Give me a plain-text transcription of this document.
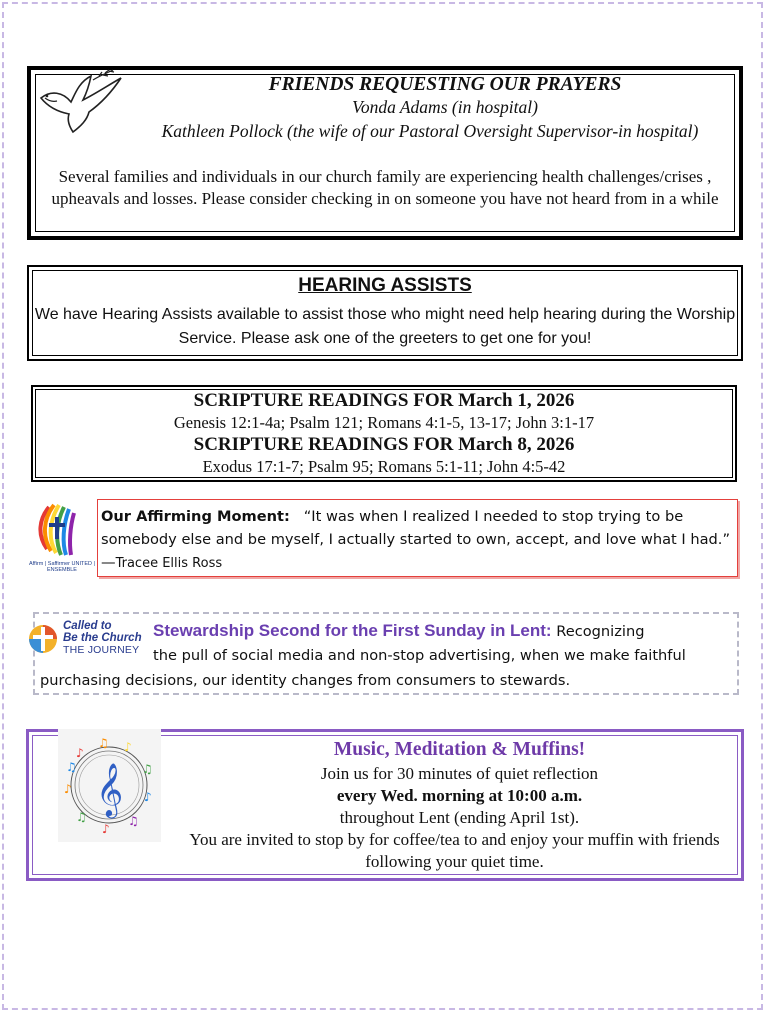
FRIENDS REQUESTING OUR PRAYERS
Vonda Adams (in hospital)
Kathleen Pollock (the wife of our Pastoral Oversight Supervisor-in hospital)
Several families and individuals in our church family are experiencing health challenges/crises , upheavals and losses. Please consider checking in on someone you have not heard from in a while
HEARING ASSISTS
We have Hearing Assists available to assist those who might need help hearing during the Worship Service. Please ask one of the greeters to get one for you!
SCRIPTURE READINGS FOR March 1, 2026
Genesis 12:1-4a; Psalm 121; Romans 4:1-5, 13-17; John 3:1-17
SCRIPTURE READINGS FOR March 8, 2026
Exodus 17:1-7; Psalm 95; Romans 5:1-11; John 4:5-42
Affirm | Saffirmer UNITED | ENSEMBLE
Our Affirming Moment: “It was when I realized I needed to stop trying to be somebody else and be myself, I actually started to own, accept, and love what I had.” —Tracee Ellis Ross
Called to
Be the Church
THE JOURNEY
Stewardship Second for the First Sunday in Lent: Recognizing
the pull of social media and non-stop advertising, when we make faithful
purchasing decisions, our identity changes from consumers to stewards.
♪
♫ ♪
♫
♪
♫
♪
♫
♪
♫ 𝄞
Music, Meditation & Muffins!
Join us for 30 minutes of quiet reflection
every Wed. morning at 10:00 a.m.
throughout Lent (ending April 1st).
You are invited to stop by for coffee/tea to and enjoy your muffin with friends following your quiet time.
